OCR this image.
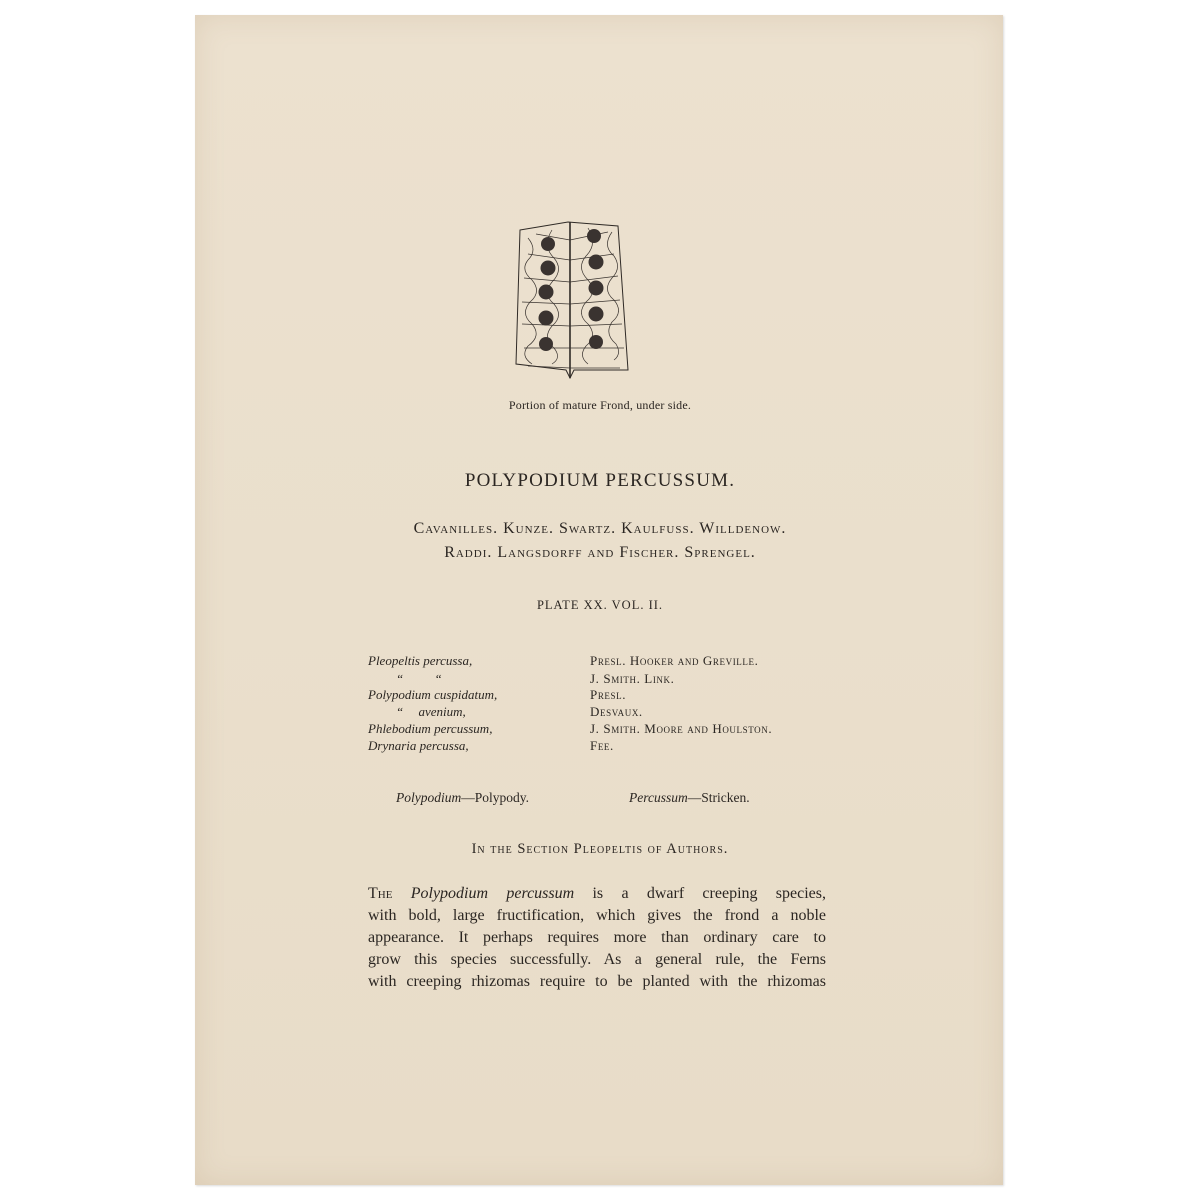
Portion of mature Frond, under side.
POLYPODIUM PERCUSSUM.
Cavanilles. Kunze. Swartz. Kaulfuss. Willdenow.
Raddi. Langsdorff and Fischer. Sprengel.
PLATE XX. VOL. II.
Pleopeltis percussa,	Presl. Hooker and Greville.
“ “	J. Smith. Link.
Polypodium cuspidatum,	Presl.
“ avenium,	Desvaux.
Phlebodium percussum,	J. Smith. Moore and Houlston.
Drynaria percussa,	Fee.
Polypodium—Polypody.	Percussum—Stricken.
In the Section Pleopeltis of Authors.
The Polypodium percussum is a dwarf creeping species,
with bold, large fructification, which gives the frond a noble
appearance. It perhaps requires more than ordinary care to
grow this species successfully. As a general rule, the Ferns
with creeping rhizomas require to be planted with the rhizomas
